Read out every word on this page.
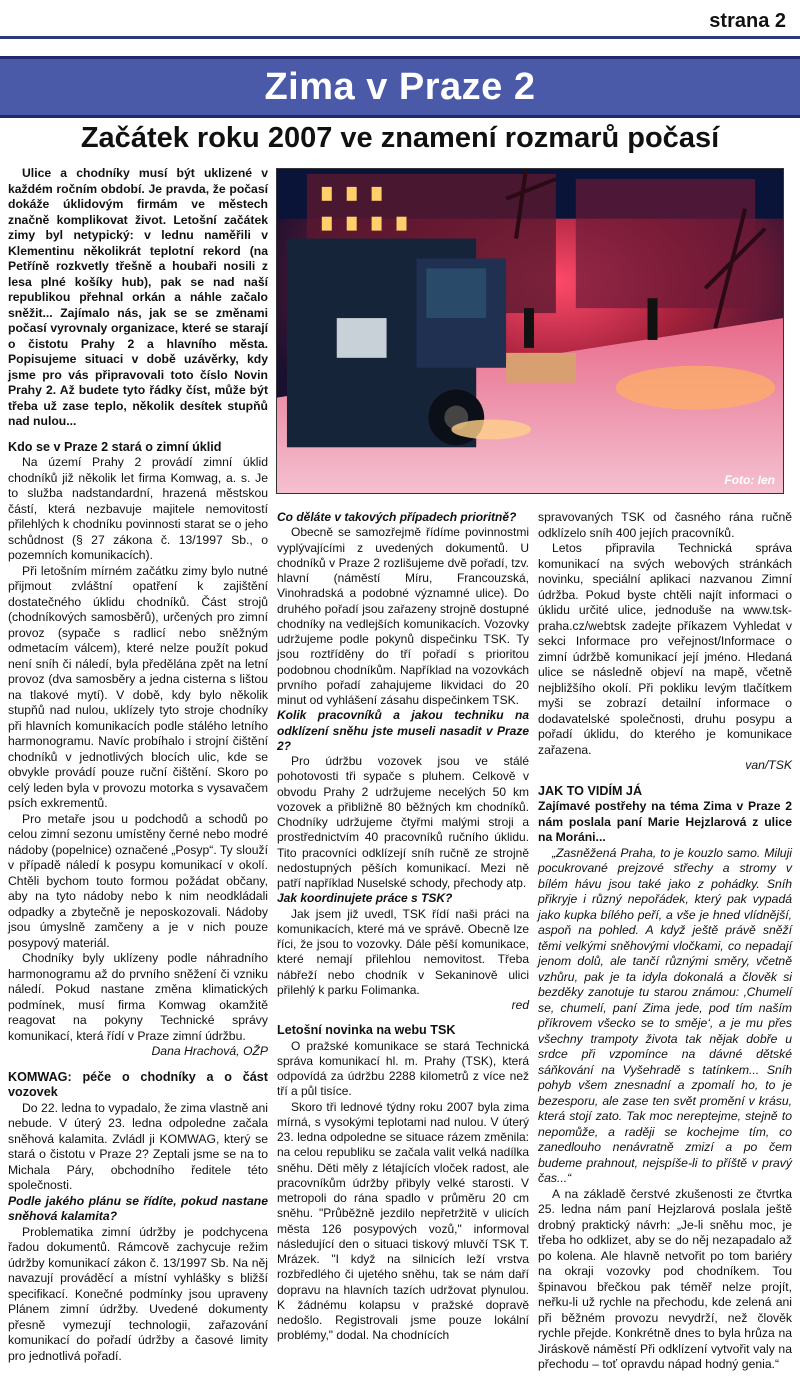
strana 2
Zima v Praze 2
Začátek roku 2007 ve znamení rozmarů počasí
Foto: Ien

Ulice a chodníky musí být uklizené v každém ročním období. Je pravda, že počasí dokáže úklidovým firmám ve městech značně komplikovat život. Letošní začátek zimy byl netypický: v lednu naměřili v Klementinu několikrát teplotní rekord (na Petříně rozkvetly třešně a houbaři nosili z lesa plné košíky hub), pak se nad naší republikou přehnal orkán a náhle začalo sněžit... Zajímalo nás, jak se se změnami počasí vyrovnaly organizace, které se starají o čistotu Prahy 2 a hlavního města. Popisujeme situaci v době uzávěrky, kdy jsme pro vás připravovali toto číslo Novin Prahy 2. Až budete tyto řádky číst, může být třeba už zase teplo, několik desítek stupňů nad nulou...

Kdo se v Praze 2 stará o zimní úklid

Na území Prahy 2 provádí zimní úklid chodníků již několik let firma Komwag, a. s. Je to služba nadstandardní, hrazená městskou částí, která nezbavuje majitele nemovitostí přilehlých k chodníku povinnosti starat se o jeho schůdnost (§ 27 zákona č. 13/1997 Sb., o pozemních komunikacích).

Při letošním mírném začátku zimy bylo nutné přijmout zvláštní opatření k zajištění dostatečného úklidu chodníků. Část strojů (chodníkových samosběrů), určených pro zimní provoz (sypače s radlicí nebo sněžným odmetacím válcem), které nelze použít pokud není sníh či náledí, byla předělána zpět na letní provoz (dva samosběry a jedna cisterna s lištou na tlakové mytí). V době, kdy bylo několik stupňů nad nulou, uklízely tyto stroje chodníky při hlavních komunikacích podle stálého letního harmonogramu. Navíc probíhalo i strojní čištění chodníků v jednotlivých blocích ulic, kde se obvykle provádí pouze ruční čištění. Skoro po celý leden byla v provozu motorka s vysavačem psích exkrementů.

Pro metaře jsou u podchodů a schodů po celou zimní sezonu umístěny černé nebo modré nádoby (popelnice) označené „Posyp“. Ty slouží v případě náledí k posypu komunikací v okolí. Chtěli bychom touto formou požádat občany, aby na tyto nádoby nebo k nim neodkládali odpadky a zbytečně je neposkozovali. Nádoby jsou úmyslně zamčeny a je v nich pouze posypový materiál.

Chodníky byly uklízeny podle náhradního harmonogramu až do prvního sněžení či vzniku náledí. Pokud nastane změna klimatických podmínek, musí firma Komwag okamžitě reagovat na pokyny Technické správy komunikací, která řídí v Praze zimní údržbu.

Dana Hrachová, OŽP

KOMWAG: péče o chodníky a o část vozovek

Do 22. ledna to vypadalo, že zima vlastně ani nebude. V úterý 23. ledna odpoledne začala sněhová kalamita. Zvládl ji KOMWAG, který se stará o čistotu v Praze 2? Zeptali jsme se na to Michala Páry, obchodního ředitele této společnosti.

Podle jakého plánu se řídíte, pokud nastane sněhová kalamita?

Problematika zimní údržby je podchycena řadou dokumentů. Rámcově zachycuje režim údržby komunikací zákon č. 13/1997 Sb. Na něj navazují prováděcí a místní vyhlášky s bližší specifikací. Konečné podmínky jsou upraveny Plánem zimní údržby. Uvedené dokumenty přesně vymezují technologii, zařazování komunikací do pořadí údržby a časové limity pro jednotlivá pořadí.

Co děláte v takových případech prioritně?

Obecně se samozřejmě řídíme povinnostmi vyplývajícími z uvedených dokumentů. U chodníků v Praze 2 rozlišujeme dvě pořadí, tzv. hlavní (náměstí Míru, Francouzská, Vinohradská a podobné významné ulice). Do druhého pořadí jsou zařazeny strojně dostupné chodníky na vedlejších komunikacích. Vozovky udržujeme podle pokynů dispečinku TSK. Ty jsou roztříděny do tří pořadí s prioritou podobnou chodníkům. Například na vozovkách prvního pořadí zahajujeme likvidaci do 20 minut od vyhlášení zásahu dispečinkem TSK.

Kolik pracovníků a jakou techniku na odklízení sněhu jste museli nasadit v Praze 2?

Pro údržbu vozovek jsou ve stálé pohotovosti tři sypače s pluhem. Celkově v obvodu Prahy 2 udržujeme necelých 50 km vozovek a přibližně 80 běžných km chodníků. Chodníky udržujeme čtyřmi malými stroji a prostřednictvím 40 pracovníků ručního úklidu. Tito pracovníci odklízejí sníh ručně ze strojně nedostupných pěších komunikací. Mezi ně patří například Nuselské schody, přechody atp.

Jak koordinujete práce s TSK?

Jak jsem již uvedl, TSK řídí naši práci na komunikacích, které má ve správě. Obecně lze říci, že jsou to vozovky. Dále pěší komunikace, které nemají přilehlou nemovitost. Třeba nábřeží nebo chodník v Sekaninově ulici přilehlý k parku Folimanka.

red

Letošní novinka na webu TSK

O pražské komunikace se stará Technická správa komunikací hl. m. Prahy (TSK), která odpovídá za údržbu 2288 kilometrů z více než tří a půl tisíce.

Skoro tři lednové týdny roku 2007 byla zima mírná, s vysokými teplotami nad nulou. V úterý 23. ledna odpoledne se situace rázem změnila: na celou republiku se začala valit velká nadílka sněhu. Děti měly z létajících vloček radost, ale pracovníkům údržby přibyly velké starosti. V metropoli do rána spadlo v průměru 20 cm sněhu. "Průběžně jezdilo nepřetržitě v ulicích města 126 posypových vozů," informoval následující den o situaci tiskový mluvčí TSK T. Mrázek. "I když na silnicích leží vrstva rozbředlého či ujetého sněhu, tak se nám daří dopravu na hlavních tazích udržovat plynulou. K žádnému kolapsu v pražské dopravě nedošlo. Registrovali jsme pouze lokální problémy," dodal. Na chodnících

spravovaných TSK od časného rána ručně odklízelo sníh 400 jejích pracovníků.

Letos připravila Technická správa komunikací na svých webových stránkách novinku, speciální aplikaci nazvanou Zimní údržba. Pokud byste chtěli najít informaci o úklidu určité ulice, jednoduše na www.tsk-praha.cz/webtsk zadejte příkazem Vyhledat v sekci Informace pro veřejnost/Informace o zimní údržbě komunikací její jméno. Hledaná ulice se následně objeví na mapě, včetně nejbližšího okolí. Při pokliku levým tlačítkem myši se zobrazí detailní informace o dodavatelské společnosti, druhu posypu a pořadí úklidu, do kterého je komunikace zařazena.

van/TSK

JAK TO VIDÍM JÁ

Zajímavé postřehy na téma Zima v Praze 2 nám poslala paní Marie Hejzlarová z ulice na Moráni...

„Zasněžená Praha, to je kouzlo samo. Miluji pocukrované prejzové střechy a stromy v bílém hávu jsou také jako z pohádky. Sníh přikryje i různý nepořádek, který pak vypadá jako kupka bílého peří, a vše je hned vlídnější, aspoň na pohled. A když ještě právě sněží těmi velkými sněhovými vločkami, co nepadají jenom dolů, ale tančí různými směry, včetně vzhůru, pak je ta idyla dokonalá a člověk si bezděky zanotuje tu starou známou: ‚Chumelí se, chumelí, paní Zima jede, pod tím naším příkrovem všecko se to směje‘, a je mu přes všechny trampoty života tak nějak dobře u srdce při vzpomínce na dávné dětské sáňkování na Vyšehradě s tatínkem... Sníh pohyb všem znesnadní a zpomalí ho, to je bezesporu, ale zase ten svět promění v krásu, která stojí zato. Tak moc nereptejme, stejně to nepomůže, a raději se kochejme tím, co zanedlouho nenávratně zmizí a po čem budeme prahnout, nejspíše-li to příště v pravý čas...“

A na základě čerstvé zkušenosti ze čtvrtka 25. ledna nám paní Hejzlarová poslala ještě drobný praktický návrh: „Je-li sněhu moc, je třeba ho odklizet, aby se do něj nezapadalo až po kolena. Ale hlavně netvořit po tom bariéry na okraji vozovky pod chodníkem. Tou špinavou břečkou pak téměř nelze projít, neřku-li už rychle na přechodu, kde zelená ani při běžném provozu nevydrží, než člověk rychle přejde. Konkrétně dnes to byla hrůza na Jiráskově náměstí Při odklízení vytvořit valy na přechodu – toť opravdu nápad hodný genia.“
